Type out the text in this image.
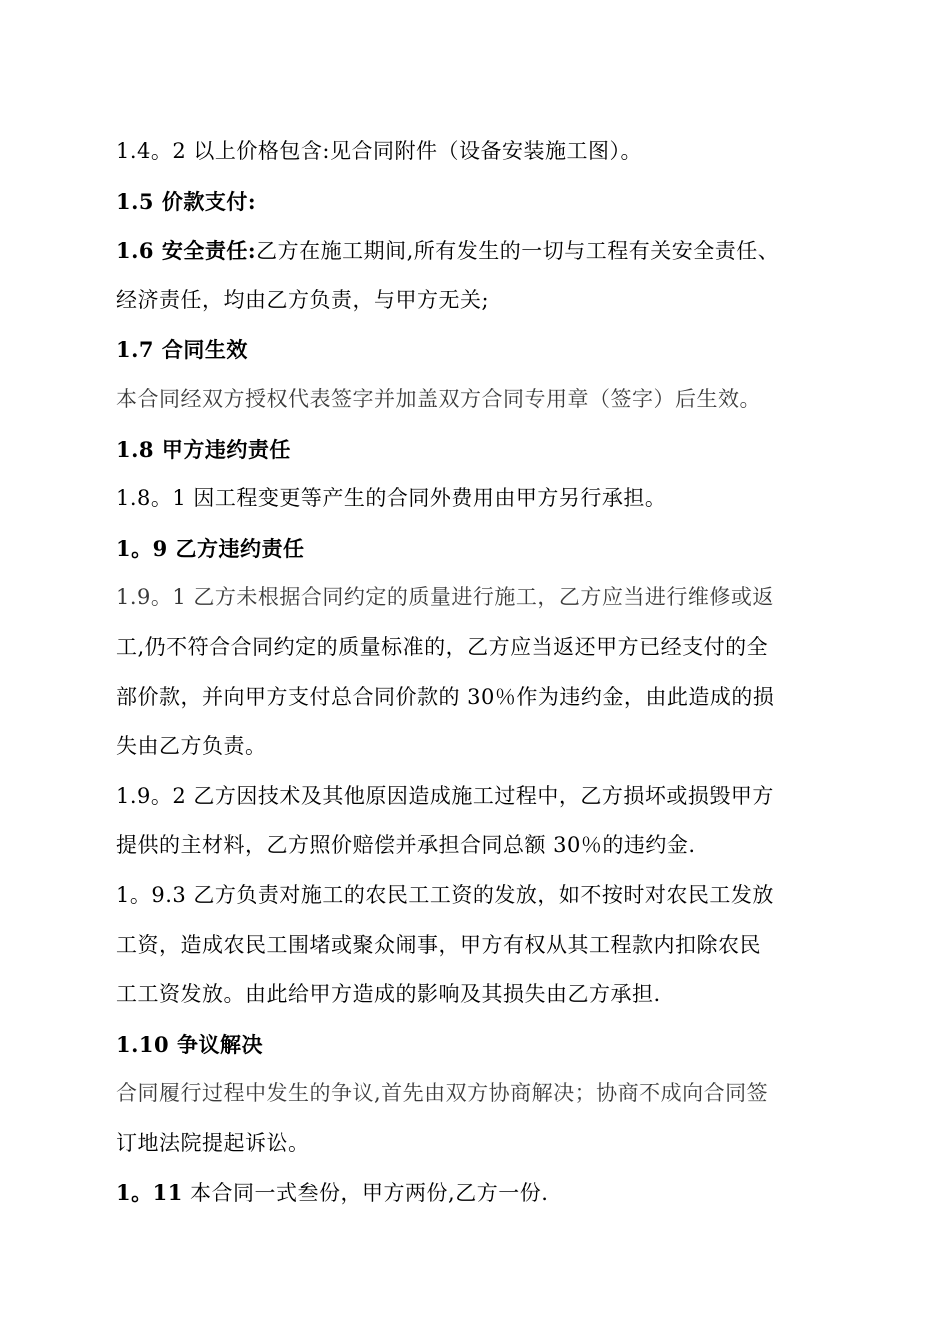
1.4。2 以上价格包含:见合同附件（设备安装施工图）。
1.5 价款支付:
1.6 安全责任:乙方在施工期间,所有发生的一切与工程有关安全责任、
经济责任，均由乙方负责，与甲方无关;
1.7 合同生效
本合同经双方授权代表签字并加盖双方合同专用章（签字）后生效。
1.8 甲方违约责任
1.8。1 因工程变更等产生的合同外费用由甲方另行承担。
1。9 乙方违约责任
1.9。1 乙方未根据合同约定的质量进行施工，乙方应当进行维修或返
工,仍不符合合同约定的质量标准的，乙方应当返还甲方已经支付的全
部价款，并向甲方支付总合同价款的 30％作为违约金，由此造成的损
失由乙方负责。
1.9。2 乙方因技术及其他原因造成施工过程中，乙方损坏或损毁甲方
提供的主材料，乙方照价赔偿并承担合同总额 30％的违约金.
1。9.3 乙方负责对施工的农民工工资的发放，如不按时对农民工发放
工资，造成农民工围堵或聚众闹事，甲方有权从其工程款内扣除农民
工工资发放。由此给甲方造成的影响及其损失由乙方承担.
1.10 争议解决
合同履行过程中发生的争议,首先由双方协商解决；协商不成向合同签
订地法院提起诉讼。
1。11 本合同一式叁份，甲方两份,乙方一份.
